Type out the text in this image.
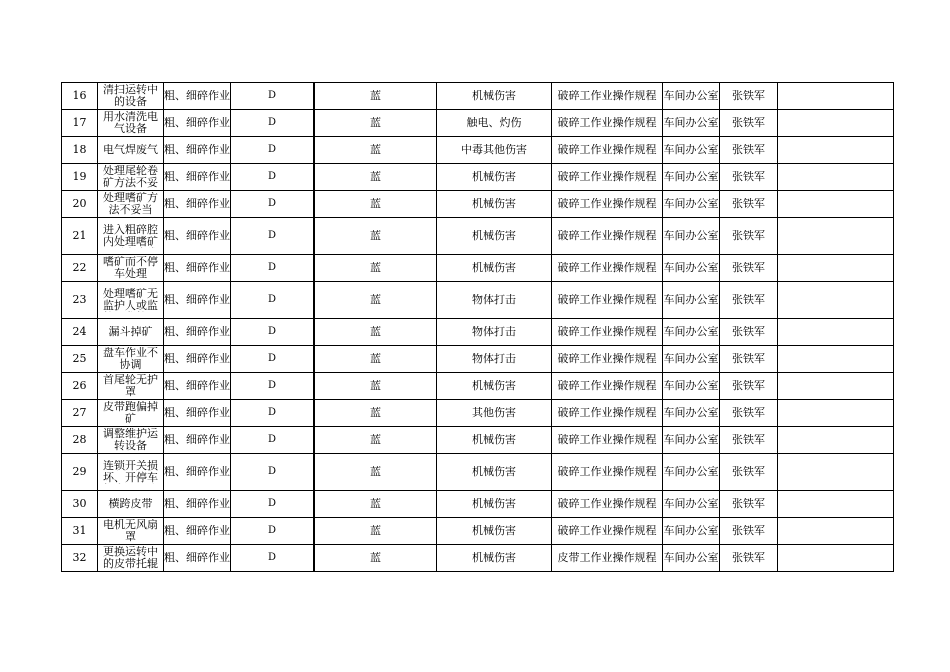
16	清扫运转中的设备	粗、细碎作业	D	蓝	机械伤害	破碎工作业操作规程	车间办公室	张铁军	

17	用水清洗电气设备	粗、细碎作业	D	蓝	触电、灼伤	破碎工作业操作规程	车间办公室	张铁军	

18	电气焊废气	粗、细碎作业	D	蓝	中毒其他伤害	破碎工作业操作规程	车间办公室	张铁军	

19	处理尾轮卷矿方法不妥	粗、细碎作业	D	蓝	机械伤害	破碎工作业操作规程	车间办公室	张铁军	

20	处理嗜矿方法不妥当	粗、细碎作业	D	蓝	机械伤害	破碎工作业操作规程	车间办公室	张铁军	

21	进入粗碎腔内处理嗜矿	粗、细碎作业	D	蓝	机械伤害	破碎工作业操作规程	车间办公室	张铁军	

22	嗜矿而不停车处理	粗、细碎作业	D	蓝	机械伤害	破碎工作业操作规程	车间办公室	张铁军	

23	处理嗜矿无监护人或监	粗、细碎作业	D	蓝	物体打击	破碎工作业操作规程	车间办公室	张铁军	

24	漏斗掉矿	粗、细碎作业	D	蓝	物体打击	破碎工作业操作规程	车间办公室	张铁军	

25	盘车作业不协调	粗、细碎作业	D	蓝	物体打击	破碎工作业操作规程	车间办公室	张铁军	

26	首尾轮无护罩	粗、细碎作业	D	蓝	机械伤害	破碎工作业操作规程	车间办公室	张铁军	

27	皮带跑偏掉矿	粗、细碎作业	D	蓝	其他伤害	破碎工作业操作规程	车间办公室	张铁军	

28	调整维护运转设备	粗、细碎作业	D	蓝	机械伤害	破碎工作业操作规程	车间办公室	张铁军	

29	连锁开关损坏、开停车	粗、细碎作业	D	蓝	机械伤害	破碎工作业操作规程	车间办公室	张铁军	

30	横跨皮带	粗、细碎作业	D	蓝	机械伤害	破碎工作业操作规程	车间办公室	张铁军	

31	电机无风扇罩	粗、细碎作业	D	蓝	机械伤害	破碎工作业操作规程	车间办公室	张铁军	

32	更换运转中的皮带托辊	粗、细碎作业	D	蓝	机械伤害	皮带工作业操作规程	车间办公室	张铁军	
